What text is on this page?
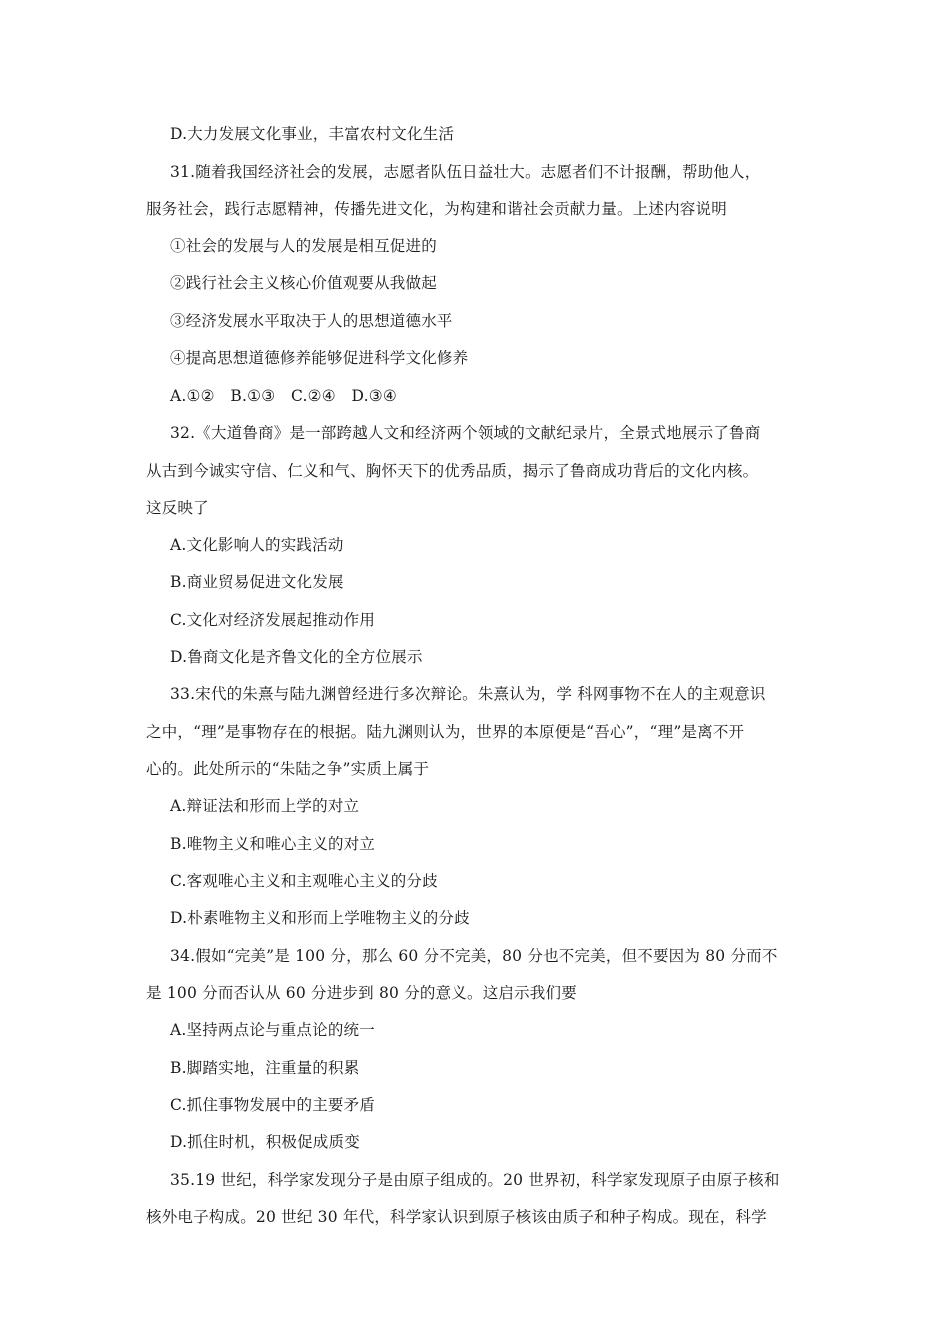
D.大力发展文化事业，丰富农村文化生活
31.随着我国经济社会的发展，志愿者队伍日益壮大。志愿者们不计报酬，帮助他人，
服务社会，践行志愿精神，传播先进文化，为构建和谐社会贡献力量。上述内容说明
①社会的发展与人的发展是相互促进的
②践行社会主义核心价值观要从我做起
③经济发展水平取决于人的思想道德水平
④提高思想道德修养能够促进科学文化修养
A.①②　B.①③　C.②④　D.③④
32.《大道鲁商》是一部跨越人文和经济两个领域的文献纪录片，全景式地展示了鲁商
从古到今诚实守信、仁义和气、胸怀天下的优秀品质，揭示了鲁商成功背后的文化内核。
这反映了
A.文化影响人的实践活动
B.商业贸易促进文化发展
C.文化对经济发展起推动作用
D.鲁商文化是齐鲁文化的全方位展示
33.宋代的朱熹与陆九渊曾经进行多次辩论。朱熹认为，学 科网事物不在人的主观意识
之中，“理”是事物存在的根据。陆九渊则认为，世界的本原便是“吾心”，“理”是离不开
心的。此处所示的“朱陆之争”实质上属于
A.辩证法和形而上学的对立
B.唯物主义和唯心主义的对立
C.客观唯心主义和主观唯心主义的分歧
D.朴素唯物主义和形而上学唯物主义的分歧
34.假如“完美”是 100 分，那么 60 分不完美，80 分也不完美，但不要因为 80 分而不
是 100 分而否认从 60 分进步到 80 分的意义。这启示我们要
A.坚持两点论与重点论的统一
B.脚踏实地，注重量的积累
C.抓住事物发展中的主要矛盾
D.抓住时机，积极促成质变
35.19 世纪，科学家发现分子是由原子组成的。20 世界初，科学家发现原子由原子核和
核外电子构成。20 世纪 30 年代，科学家认识到原子核该由质子和种子构成。现在，科学
